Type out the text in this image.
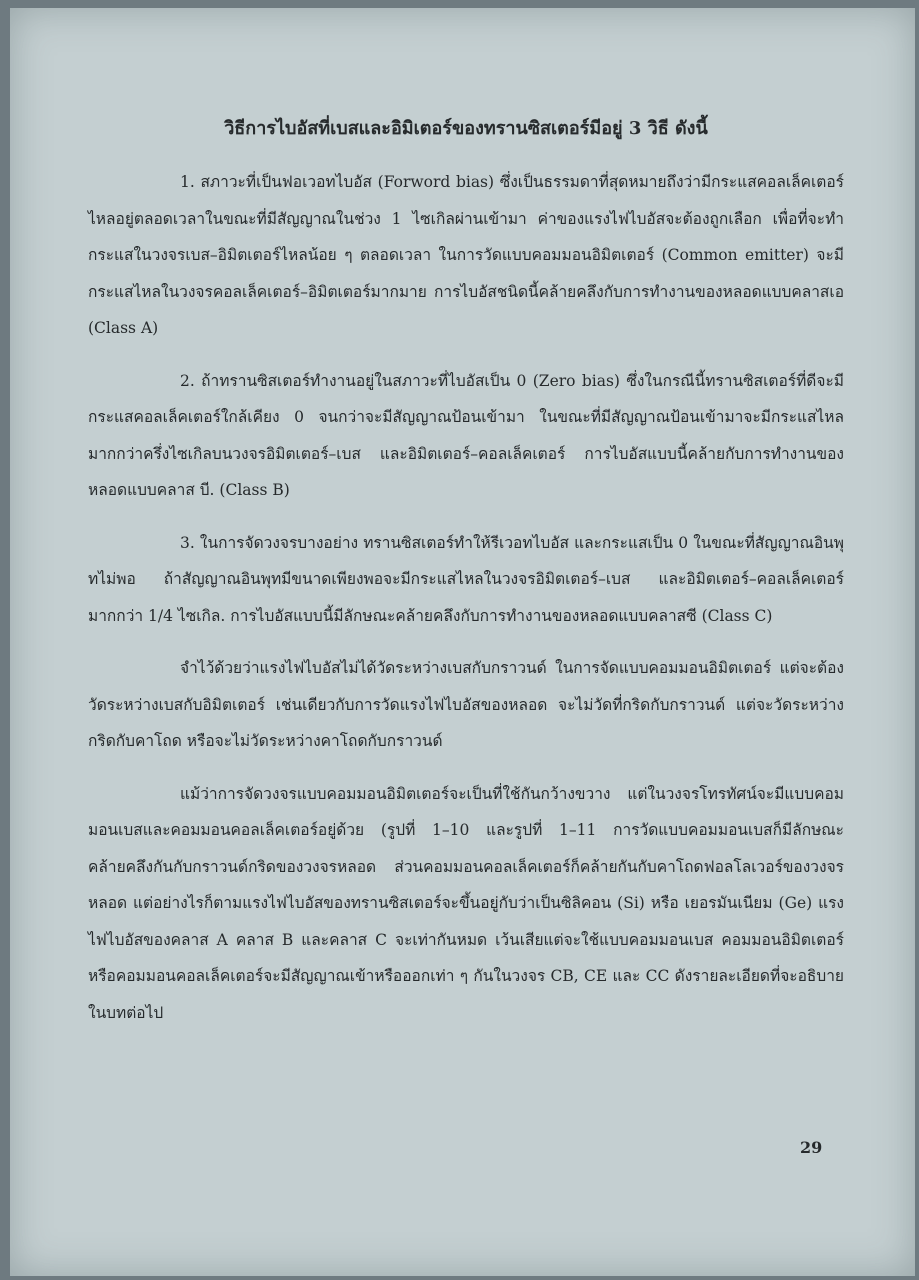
วิธีการไบอัสที่เบสและอิมิเตอร์ของทรานซิสเตอร์มีอยู่ 3 วิธี ดังนี้

1. สภาวะที่เป็นฟอเวอทไบอัส (Forword bias) ซึ่งเป็นธรรมดาที่สุดหมายถึงว่ามีกระแสคอลเล็คเตอร์ไหลอยู่ตลอดเวลาในขณะที่มีสัญญาณในช่วง 1 ไซเกิลผ่านเข้ามา ค่าของแรงไฟไบอัสจะต้องถูกเลือก เพื่อที่จะทำกระแสในวงจรเบส–อิมิตเตอร์ไหลน้อย ๆ ตลอดเวลา ในการวัดแบบคอมมอนอิมิตเตอร์ (Common emitter) จะมีกระแสไหลในวงจรคอลเล็คเตอร์–อิมิตเตอร์มากมาย การไบอัสชนิดนี้คล้ายคลึงกับการทำงานของหลอดแบบคลาสเอ (Class A)

2. ถ้าทรานซิสเตอร์ทำงานอยู่ในสภาวะที่ไบอัสเป็น 0 (Zero bias) ซึ่งในกรณีนี้ทรานซิสเตอร์ที่ดีจะมีกระแสคอลเล็คเตอร์ใกล้เคียง 0 จนกว่าจะมีสัญญาณป้อนเข้ามา ในขณะที่มีสัญญาณป้อนเข้ามาจะมีกระแสไหลมากกว่าครึ่งไซเกิลบนวงจรอิมิตเตอร์–เบส และอิมิตเตอร์–คอลเล็คเตอร์ การไบอัสแบบนี้คล้ายกับการทำงานของหลอดแบบคลาส บี. (Class B)

3. ในการจัดวงจรบางอย่าง ทรานซิสเตอร์ทำให้รีเวอทไบอัส และกระแสเป็น 0 ในขณะที่สัญญาณอินพุทไม่พอ ถ้าสัญญาณอินพุทมีขนาดเพียงพอจะมีกระแสไหลในวงจรอิมิตเตอร์–เบส และอิมิตเตอร์–คอลเล็คเตอร์มากกว่า 1/4 ไซเกิล. การไบอัสแบบนี้มีลักษณะคล้ายคลึงกับการทำงานของหลอดแบบคลาสซี (Class C)

จำไว้ด้วยว่าแรงไฟไบอัสไม่ได้วัดระหว่างเบสกับกราวนด์ ในการจัดแบบคอมมอนอิมิตเตอร์ แต่จะต้องวัดระหว่างเบสกับอิมิตเตอร์ เช่นเดียวกับการวัดแรงไฟไบอัสของหลอด จะไม่วัดที่กริดกับกราวนด์ แต่จะวัดระหว่างกริดกับคาโถด หรือจะไม่วัดระหว่างคาโถดกับกราวนด์

แม้ว่าการจัดวงจรแบบคอมมอนอิมิตเตอร์จะเป็นที่ใช้กันกว้างขวาง แต่ในวงจรโทรทัศน์จะมีแบบคอมมอนเบสและคอมมอนคอลเล็คเตอร์อยู่ด้วย (รูปที่ 1–10 และรูปที่ 1–11 การวัดแบบคอมมอนเบสก็มีลักษณะคล้ายคลึงกันกับกราวนด์กริดของวงจรหลอด ส่วนคอมมอนคอลเล็คเตอร์ก็คล้ายกันกับคาโถดฟอลโลเวอร์ของวงจรหลอด แต่อย่างไรก็ตามแรงไฟไบอัสของทรานซิสเตอร์จะขึ้นอยู่กับว่าเป็นซิลิคอน (Si) หรือ เยอรมันเนียม (Ge) แรงไฟไบอัสของคลาส A คลาส B และคลาส C จะเท่ากันหมด เว้นเสียแต่จะใช้แบบคอมมอนเบส คอมมอนอิมิตเตอร์หรือคอมมอนคอลเล็คเตอร์จะมีสัญญาณเข้าหรือออกเท่า ๆ กันในวงจร CB, CE และ CC ดังรายละเอียดที่จะอธิบายในบทต่อไป

29
